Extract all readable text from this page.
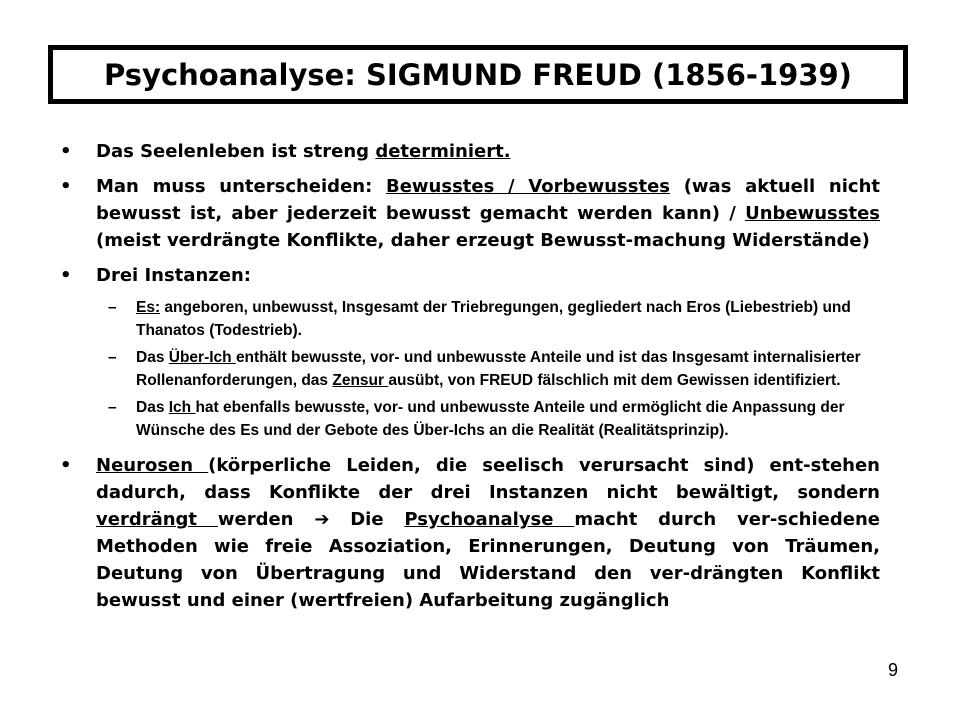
Psychoanalyse: SIGMUND FREUD (1856-1939)
• Das Seelenleben ist streng determiniert.
• Man muss unterscheiden: Bewusstes / Vorbewusstes (was aktuell nicht bewusst ist, aber jederzeit bewusst gemacht werden kann) / Unbewusstes (meist verdrängte Konflikte, daher erzeugt Bewusst-machung Widerstände)
• Drei Instanzen:
– Es: angeboren, unbewusst, Insgesamt der Triebregungen, gegliedert nach Eros (Liebestrieb) und Thanatos (Todestrieb).
– Das Über-Ich enthält bewusste, vor- und unbewusste Anteile und ist das Insgesamt internalisierter Rollenanforderungen, das Zensur ausübt, von FREUD fälschlich mit dem Gewissen identifiziert.
– Das Ich hat ebenfalls bewusste, vor- und unbewusste Anteile und ermöglicht die Anpassung der Wünsche des Es und der Gebote des Über-Ichs an die Realität (Realitätsprinzip).
• Neurosen (körperliche Leiden, die seelisch verursacht sind) ent-stehen dadurch, dass Konflikte der drei Instanzen nicht bewältigt, sondern verdrängt werden ➔ Die Psychoanalyse macht durch ver-schiedene Methoden wie freie Assoziation, Erinnerungen, Deutung von Träumen, Deutung von Übertragung und Widerstand den ver-drängten Konflikt bewusst und einer (wertfreien) Aufarbeitung zugänglich
9
